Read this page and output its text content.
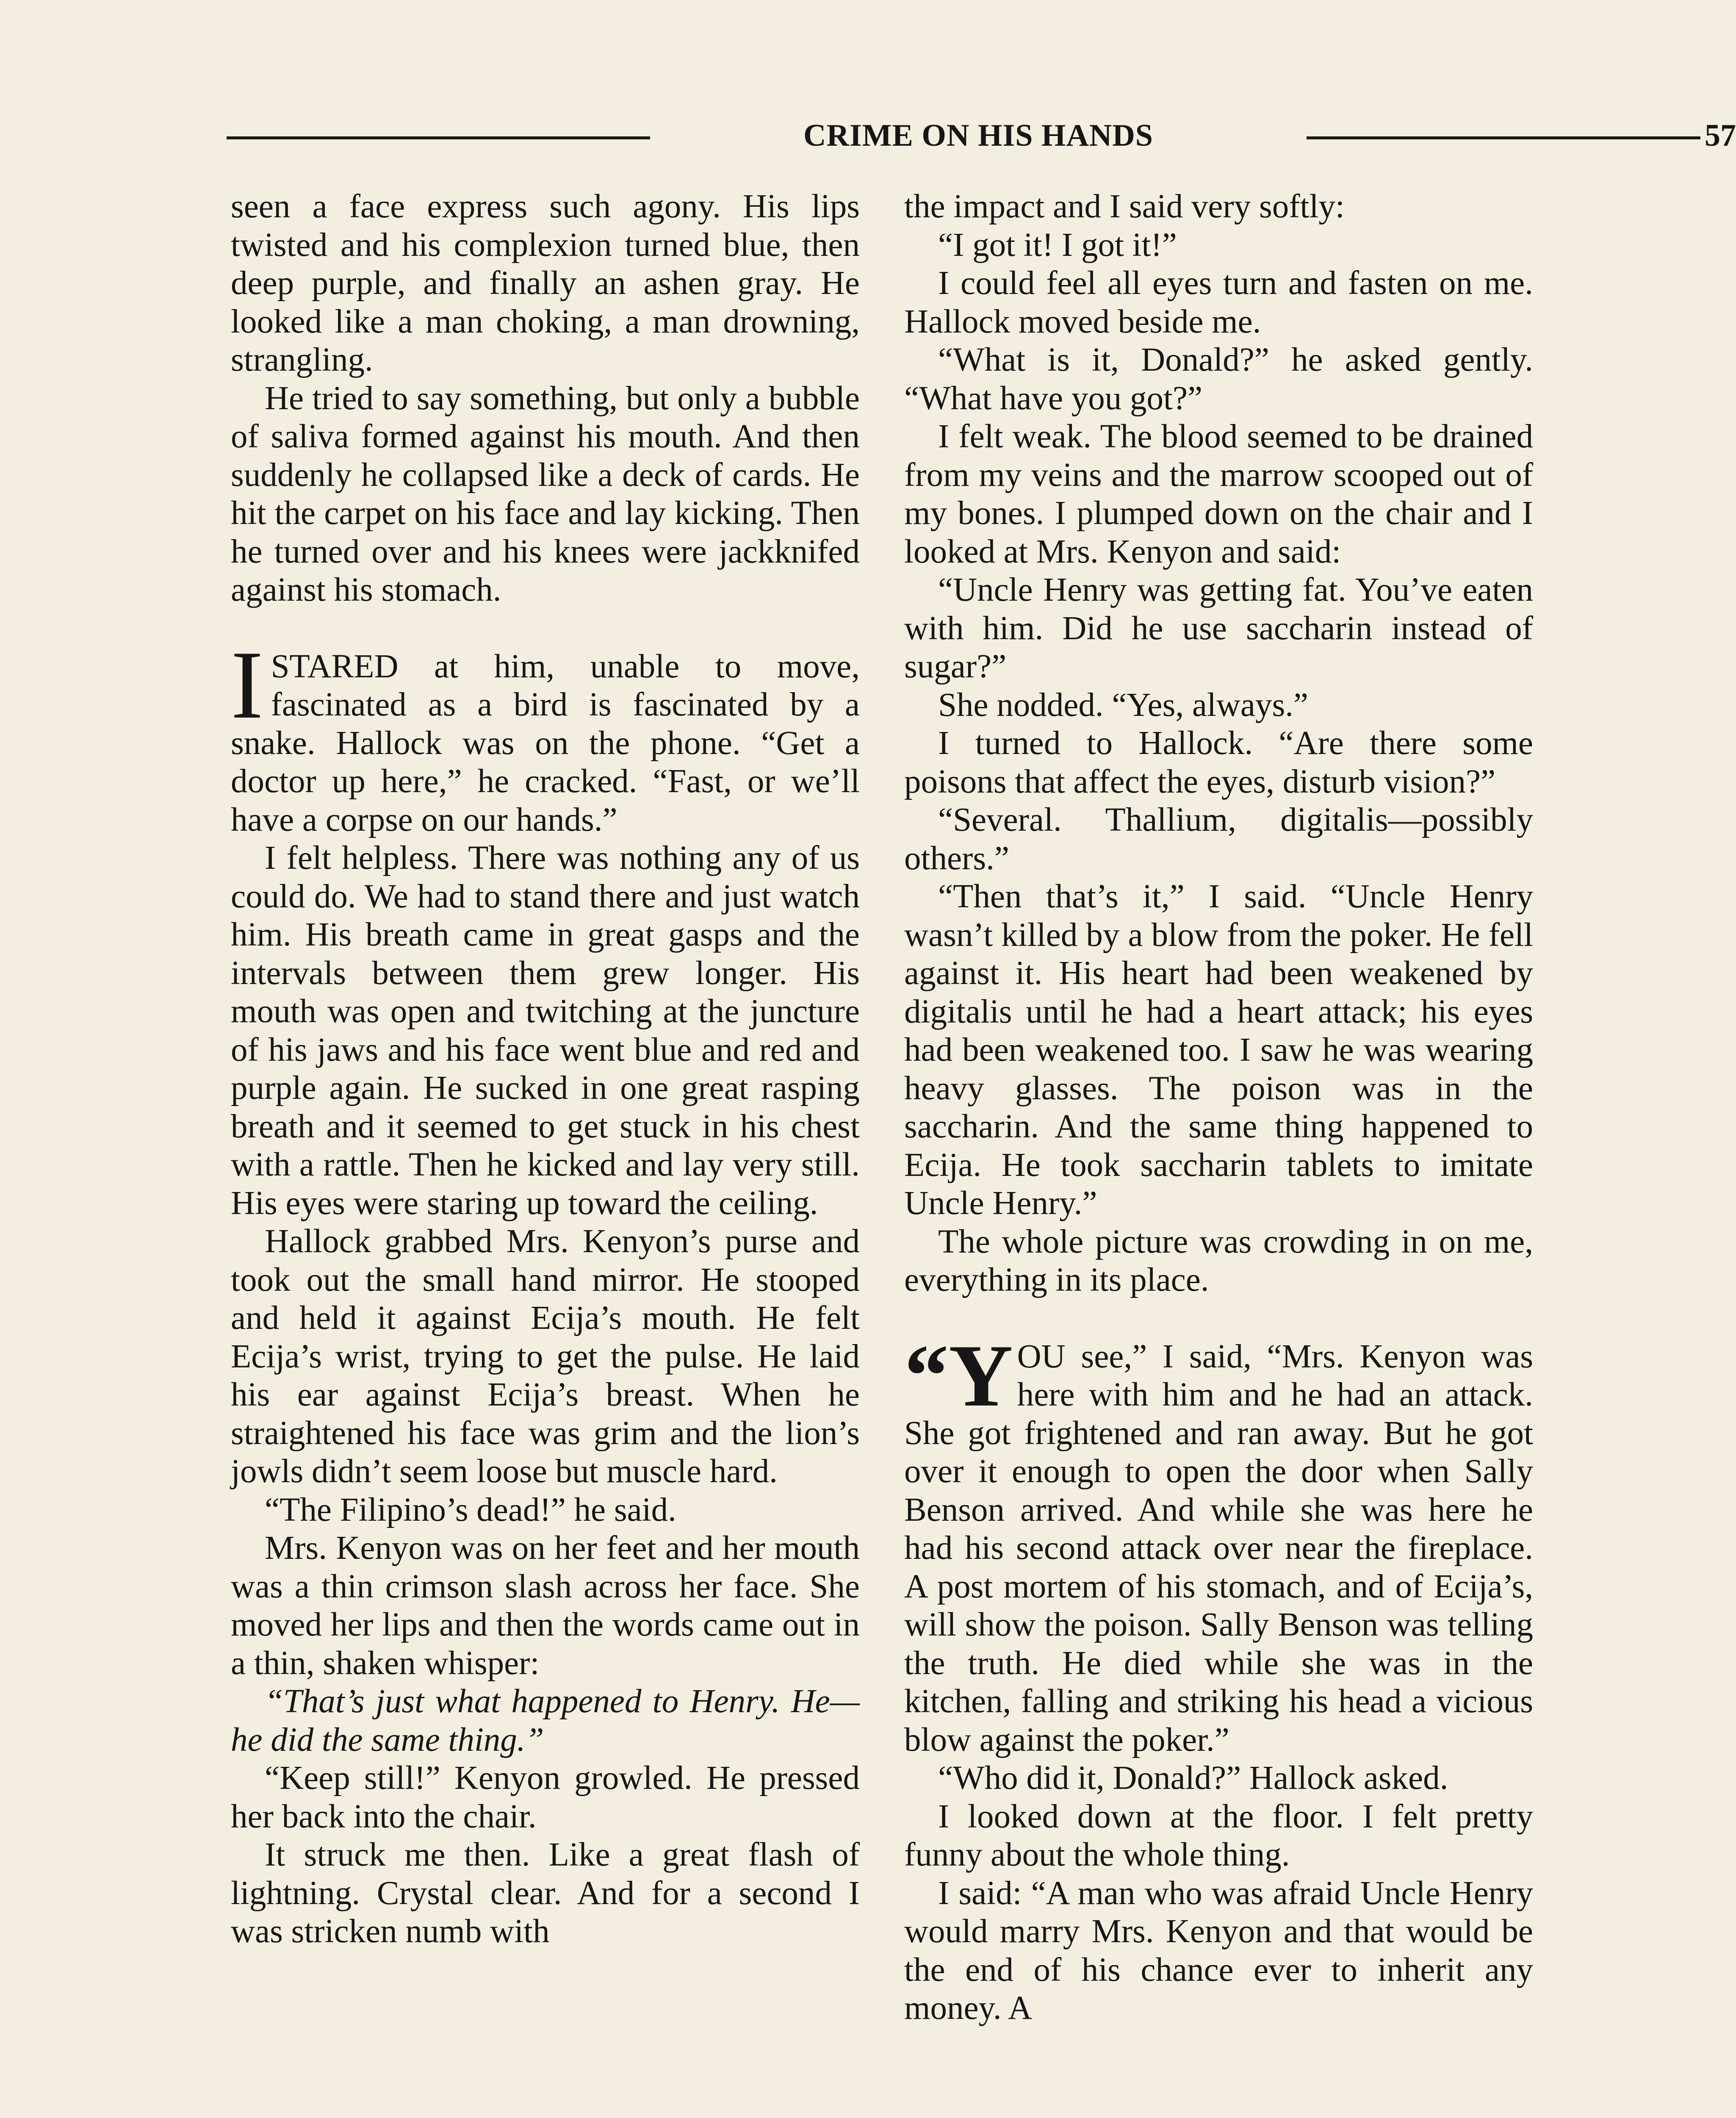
CRIME ON HIS HANDS	57

seen a face express such agony. His lips twisted and his complexion turned blue, then deep purple, and finally an ashen gray. He looked like a man choking, a man drowning, strangling.

He tried to say something, but only a bubble of saliva formed against his mouth. And then suddenly he collapsed like a deck of cards. He hit the carpet on his face and lay kicking. Then he turned over and his knees were jackknifed against his stomach.

ISTARED at him, unable to move, fascinated as a bird is fascinated by a snake. Hallock was on the phone. “Get a doctor up here,” he cracked. “Fast, or we’ll have a corpse on our hands.”

I felt helpless. There was nothing any of us could do. We had to stand there and just watch him. His breath came in great gasps and the intervals between them grew longer. His mouth was open and twitching at the juncture of his jaws and his face went blue and red and purple again. He sucked in one great rasping breath and it seemed to get stuck in his chest with a rattle. Then he kicked and lay very still. His eyes were staring up toward the ceiling.

Hallock grabbed Mrs. Kenyon’s purse and took out the small hand mirror. He stooped and held it against Ecija’s mouth. He felt Ecija’s wrist, trying to get the pulse. He laid his ear against Ecija’s breast. When he straightened his face was grim and the lion’s jowls didn’t seem loose but muscle hard.

“The Filipino’s dead!” he said.

Mrs. Kenyon was on her feet and her mouth was a thin crimson slash across her face. She moved her lips and then the words came out in a thin, shaken whisper:

“That’s just what happened to Henry. He—he did the same thing.”

“Keep still!” Kenyon growled. He pressed her back into the chair.

It struck me then. Like a great flash of lightning. Crystal clear. And for a second I was stricken numb with

the impact and I said very softly:

“I got it! I got it!”

I could feel all eyes turn and fasten on me. Hallock moved beside me.

“What is it, Donald?” he asked gently. “What have you got?”

I felt weak. The blood seemed to be drained from my veins and the marrow scooped out of my bones. I plumped down on the chair and I looked at Mrs. Kenyon and said:

“Uncle Henry was getting fat. You’ve eaten with him. Did he use saccharin instead of sugar?”

She nodded. “Yes, always.”

I turned to Hallock. “Are there some poisons that affect the eyes, disturb vision?”

“Several. Thallium, digitalis—possibly others.”

“Then that’s it,” I said. “Uncle Henry wasn’t killed by a blow from the poker. He fell against it. His heart had been weakened by digitalis until he had a heart attack; his eyes had been weakened too. I saw he was wearing heavy glasses. The poison was in the saccharin. And the same thing happened to Ecija. He took saccharin tablets to imitate Uncle Henry.”

The whole picture was crowding in on me, everything in its place.

“YOU see,” I said, “Mrs. Kenyon was here with him and he had an attack. She got frightened and ran away. But he got over it enough to open the door when Sally Benson arrived. And while she was here he had his second attack over near the fireplace. A post mortem of his stomach, and of Ecija’s, will show the poison. Sally Benson was telling the truth. He died while she was in the kitchen, falling and striking his head a vicious blow against the poker.”

“Who did it, Donald?” Hallock asked.

I looked down at the floor. I felt pretty funny about the whole thing.

I said: “A man who was afraid Uncle Henry would marry Mrs. Kenyon and that would be the end of his chance ever to inherit any money. A
